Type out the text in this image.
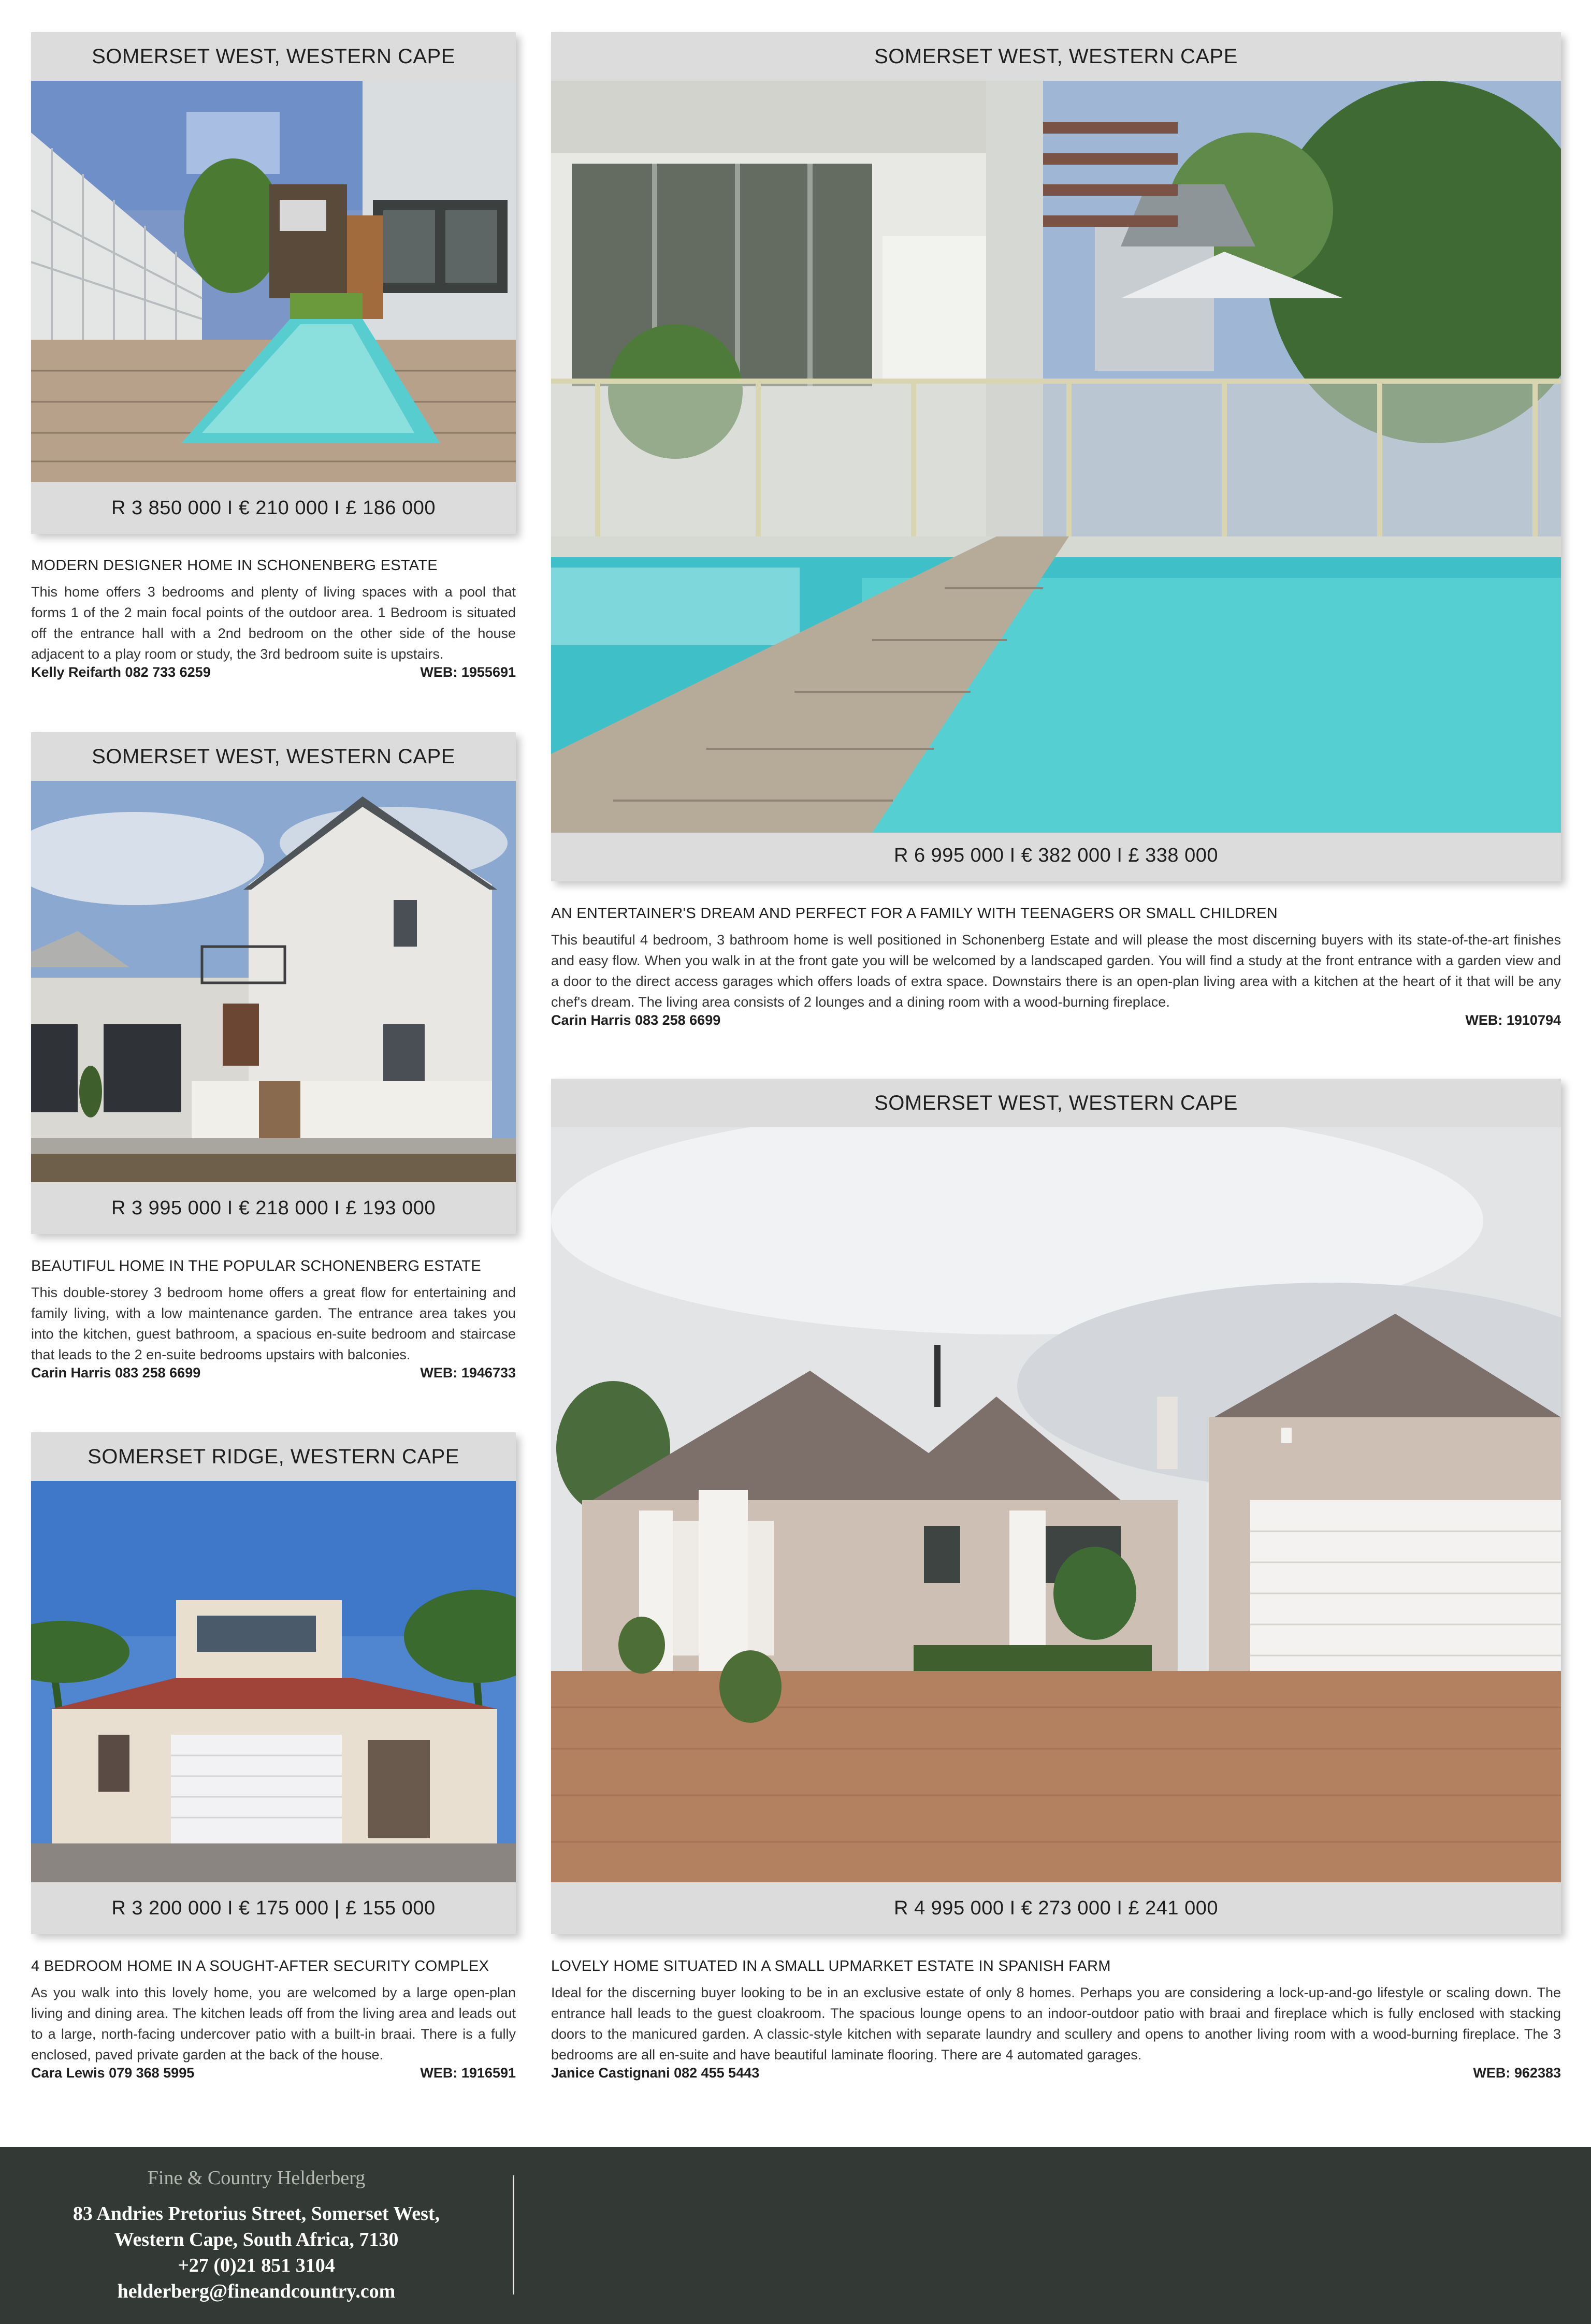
SOMERSET WEST, WESTERN CAPE
R 3 850 000 I € 210 000 I £ 186 000
MODERN DESIGNER HOME IN SCHONENBERG ESTATE
This home offers 3 bedrooms and plenty of living spaces with a pool that forms 1 of the 2 main focal points of the outdoor area. 1 Bedroom is situated off the entrance hall with a 2nd bedroom on the other side of the house adjacent to a play room or study, the 3rd bedroom suite is upstairs.
Kelly Reifarth 082 733 6259	WEB: 1955691
SOMERSET WEST, WESTERN CAPE
R 6 995 000 I € 382 000 I £ 338 000
AN ENTERTAINER'S DREAM AND PERFECT FOR A FAMILY WITH TEENAGERS OR SMALL CHILDREN
This beautiful 4 bedroom, 3 bathroom home is well positioned in Schonenberg Estate and will please the most discerning buyers with its state-of-the-art finishes and easy flow. When you walk in at the front gate you will be welcomed by a landscaped garden. You will find a study at the front entrance with a garden view and a door to the direct access garages which offers loads of extra space. Downstairs there is an open-plan living area with a kitchen at the heart of it that will be any chef's dream. The living area consists of 2 lounges and a dining room with a wood-burning fireplace.
Carin Harris 083 258 6699	WEB: 1910794
SOMERSET WEST, WESTERN CAPE
R 3 995 000 I € 218 000 I £ 193 000
BEAUTIFUL HOME IN THE POPULAR SCHONENBERG ESTATE
This double-storey 3 bedroom home offers a great flow for entertaining and family living, with a low maintenance garden. The entrance area takes you into the kitchen, guest bathroom, a spacious en-suite bedroom and staircase that leads to the 2 en-suite bedrooms upstairs with balconies.
Carin Harris 083 258 6699	WEB: 1946733
SOMERSET WEST, WESTERN CAPE
R 4 995 000 I € 273 000 I £ 241 000
LOVELY HOME SITUATED IN A SMALL UPMARKET ESTATE IN SPANISH FARM
Ideal for the discerning buyer looking to be in an exclusive estate of only 8 homes. Perhaps you are considering a lock-up-and-go lifestyle or scaling down. The entrance hall leads to the guest cloakroom. The spacious lounge opens to an indoor-outdoor patio with braai and fireplace which is fully enclosed with stacking doors to the manicured garden. A classic-style kitchen with separate laundry and scullery and opens to another living room with a wood-burning fireplace. The 3 bedrooms are all en-suite and have beautiful laminate flooring. There are 4 automated garages.
Janice Castignani 082 455 5443	WEB: 962383
SOMERSET RIDGE, WESTERN CAPE
R 3 200 000 I € 175 000 | £ 155 000
4 BEDROOM HOME IN A SOUGHT-AFTER SECURITY COMPLEX
As you walk into this lovely home, you are welcomed by a large open-plan living and dining area. The kitchen leads off from the living area and leads out to a large, north-facing undercover patio with a built-in braai. There is a fully enclosed, paved private garden at the back of the house.
Cara Lewis 079 368 5995	WEB: 1916591
Fine & Country Helderberg
83 Andries Pretorius Street, Somerset West,
Western Cape, South Africa, 7130
+27 (0)21 851 3104
helderberg@fineandcountry.com
